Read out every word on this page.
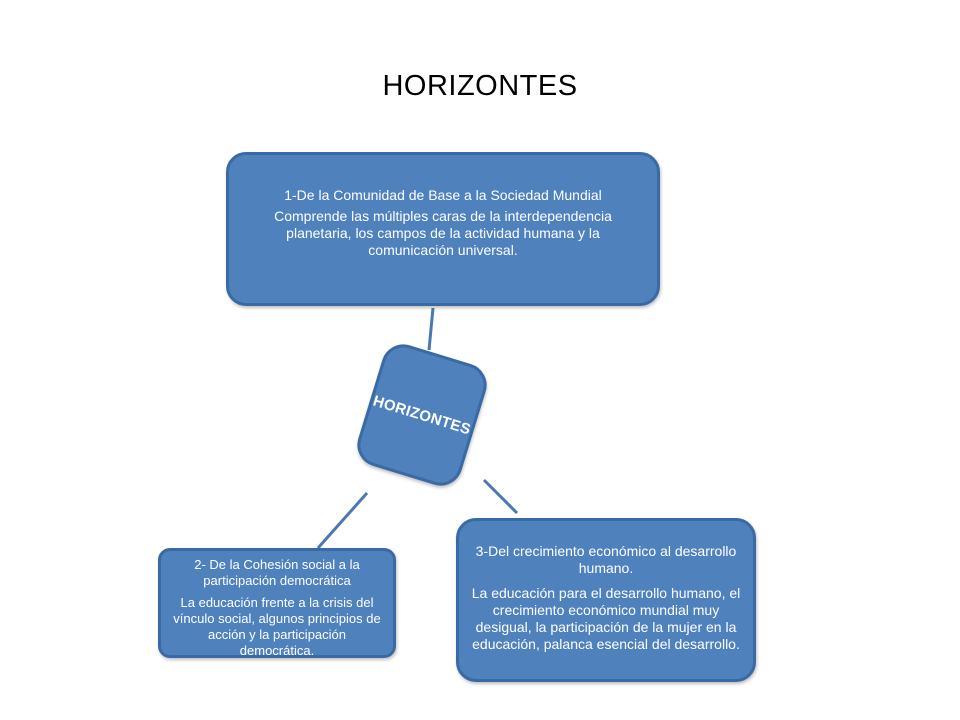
HORIZONTES

1-De la Comunidad de Base a la Sociedad Mundial

Comprende las múltiples caras de la interdependencia planetaria, los campos de la actividad humana y la comunicación universal.

HORIZONTES

2- De la Cohesión social a la participación democrática

La educación frente a la crisis del vínculo social, algunos principios de acción y la participación democrática.

3-Del crecimiento económico al desarrollo humano.

La educación para el desarrollo humano, el crecimiento económico mundial muy desigual, la participación de la mujer en la educación, palanca esencial del desarrollo.
